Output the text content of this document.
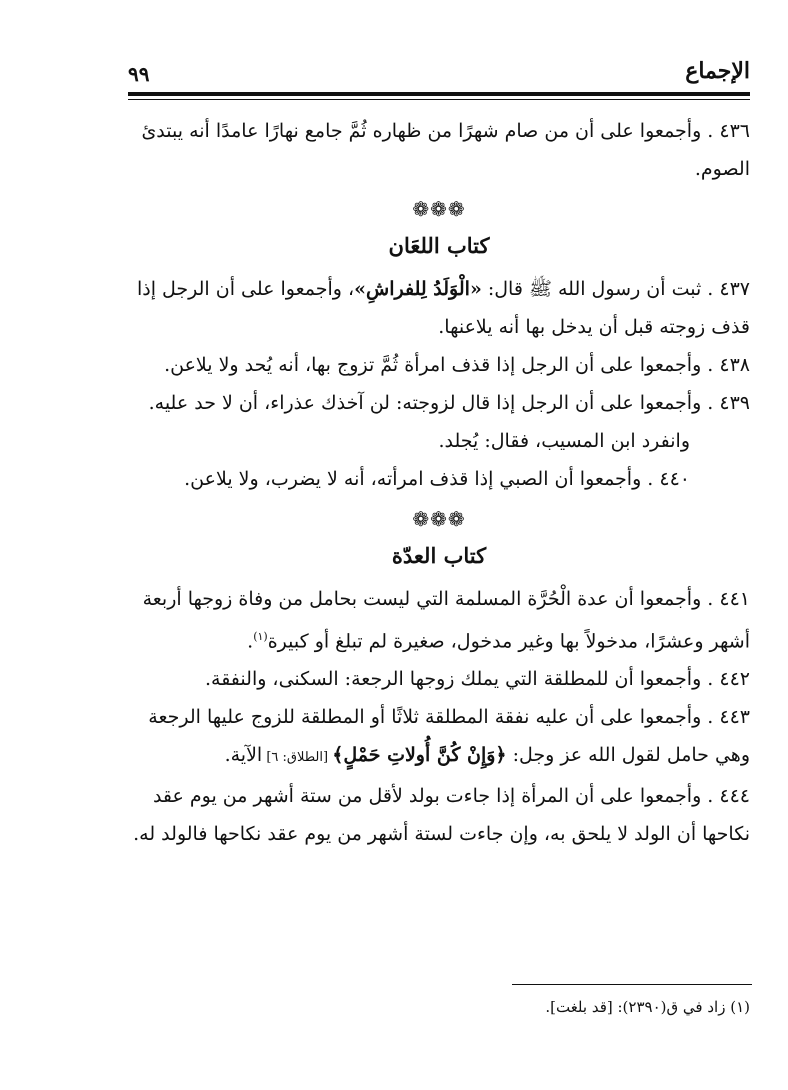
الإجماع
٩٩

٤٣٦ . وأجمعوا على أن من صام شهرًا من ظهاره ثُمَّ جامع نهارًا عامدًا أنه يبتدئ الصوم.

❁❁❁
كتاب اللعَان

٤٣٧ . ثبت أن رسول الله ﷺ قال: «الْوَلَدُ لِلفراشِ»، وأجمعوا على أن الرجل إذا قذف زوجته قبل أن يدخل بها أنه يلاعنها.

٤٣٨ . وأجمعوا على أن الرجل إذا قذف امرأة ثُمَّ تزوج بها، أنه يُحد ولا يلاعن.

٤٣٩ . وأجمعوا على أن الرجل إذا قال لزوجته: لن آخذك عذراء، أن لا حد عليه.

وانفرد ابن المسيب، فقال: يُجلد.

٤٤٠ . وأجمعوا أن الصبي إذا قذف امرأته، أنه لا يضرب، ولا يلاعن.

❁❁❁
كتاب العدّة

٤٤١ . وأجمعوا أن عدة الْحُرَّة المسلمة التي ليست بحامل من وفاة زوجها أربعة أشهر وعشرًا، مدخولاً بها وغير مدخول، صغيرة لم تبلغ أو كبيرة$^{(١)}$.

٤٤٢ . وأجمعوا أن للمطلقة التي يملك زوجها الرجعة: السكنى، والنفقة.

٤٤٣ . وأجمعوا على أن عليه نفقة المطلقة ثلاثًا أو المطلقة للزوج عليها الرجعة وهي حامل لقول الله عز وجل: ﴿وَإِنْ كُنَّ أُولاتِ حَمْلٍ﴾ [الطلاق: ٦] الآية.

٤٤٤ . وأجمعوا على أن المرأة إذا جاءت بولد لأقل من ستة أشهر من يوم عقد نكاحها أن الولد لا يلحق به، وإن جاءت لستة أشهر من يوم عقد نكاحها فالولد له.

(١) زاد في ق(٢٣٩٠): [قد بلغت].
